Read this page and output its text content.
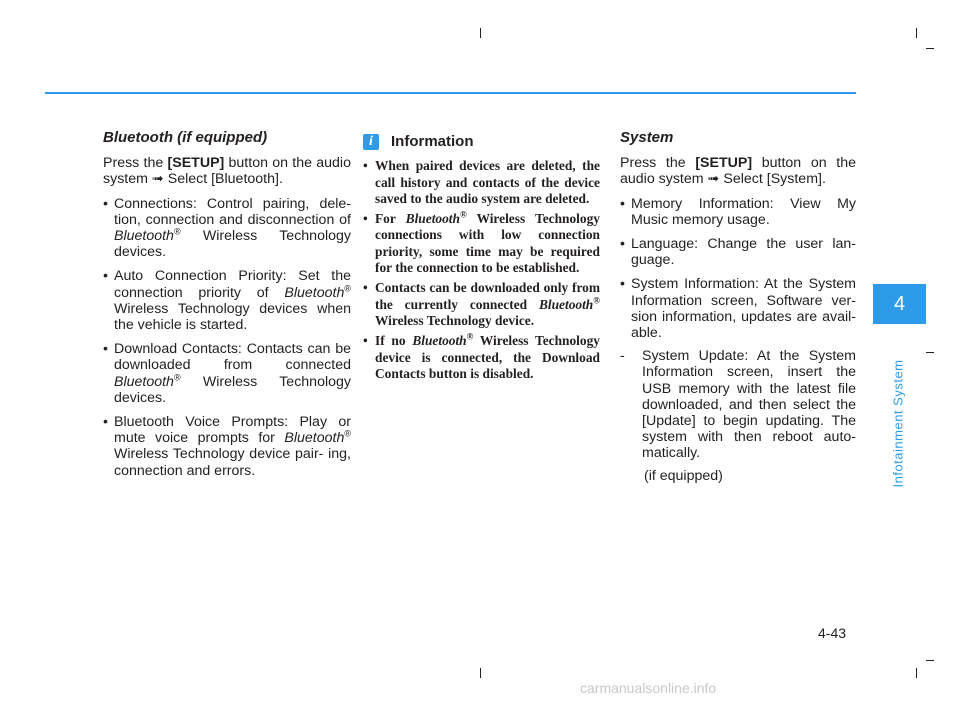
Bluetooth (if equipped)

Press the [SETUP] button on the audio system ➟ Select [Bluetooth].

• Connections: Control pairing, dele- tion, connection and disconnection of Bluetooth® Wireless Technology devices.
• Auto Connection Priority: Set the connection priority of Bluetooth® Wireless Technology devices when the vehicle is started.
• Download Contacts: Contacts can be downloaded from connected Bluetooth® Wireless Technology devices.
• Bluetooth Voice Prompts: Play or mute voice prompts for Bluetooth® Wireless Technology device pair- ing, connection and errors.
i	Information
• When paired devices are deleted, the call history and contacts of the device saved to the audio system are deleted.
• For Bluetooth® Wireless Technology connections with low connection priority, some time may be required for the connection to be established.
• Contacts can be downloaded only from the currently connected Bluetooth® Wireless Technology device.
• If no Bluetooth® Wireless Technology device is connected, the Download Contacts button is disabled.
System

Press the [SETUP] button on the audio system ➟ Select [System].

• Memory Information: View My Music memory usage.
• Language: Change the user lan- guage.
• System Information: At the System Information screen, Software ver- sion information, updates are avail- able.
- System Update: At the System Information screen, insert the USB memory with the latest file downloaded, and then select the [Update] to begin updating. The system with then reboot auto- matically.
(if equipped)
4
Infotainment System
4-43
carmanualsonline.info
